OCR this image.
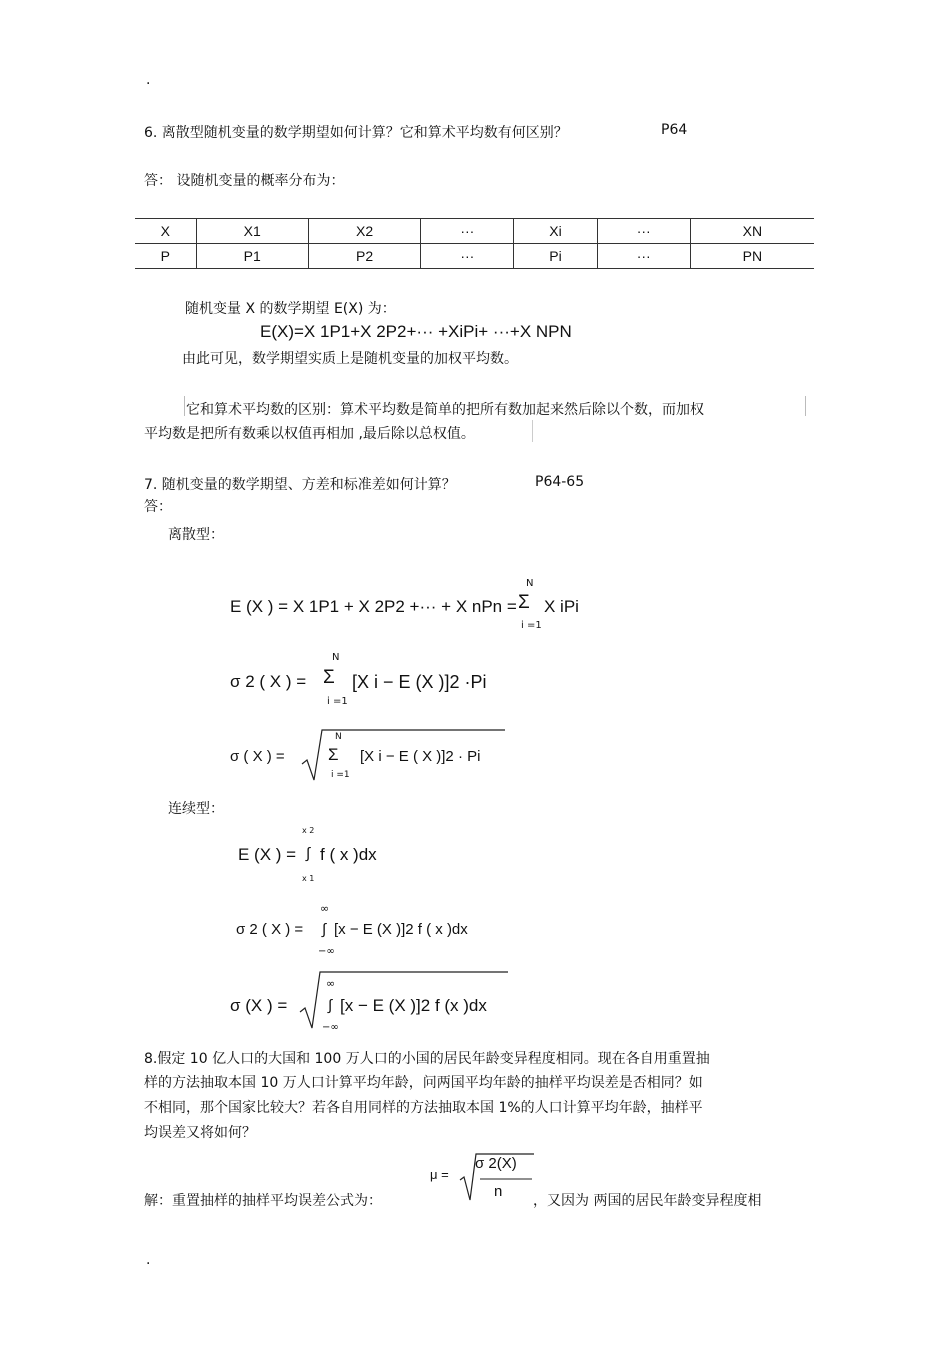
.
6. 离散型随机变量的数学期望如何计算？它和算术平均数有何区别？	P64
答： 设随机变量的概率分布为：
X	X1	X2	···	Xi	···	XN
P	P1	P2	···	Pi	···	PN
随机变量 X 的数学期望 E(X) 为：
E(X)=X 1P1+X 2P2+··· +XiPi+ ···+X NPN
由此可见，数学期望实质上是随机变量的加权平均数。
它和算术平均数的区别：算术平均数是简单的把所有数加起来然后除以个数，而加权
平均数是把所有数乘以权值再相加 ,最后除以总权值。
7. 随机变量的数学期望、方差和标准差如何计算？	P64-65
答：
离散型：
E (X ) = X 1P1 + X 2P2 +··· + X nPn =
N
Σ
i =1
X iPi
σ 2 ( X ) =
N
Σ
i =1
[X i − E (X )]2 ·Pi
σ ( X ) =
N
Σ
i =1
[X i − E ( X )]2 · Pi
连续型：
E (X ) =
x 2
∫
x 1
f ( x )dx
σ 2 ( X ) =
∞
∫
−∞
[x − E (X )]2 f ( x )dx
σ (X ) =
∞
∫
−∞
[x − E (X )]2 f (x )dx
8.假定 10 亿人口的大国和 100 万人口的小国的居民年龄变异程度相同。现在各自用重置抽
样的方法抽取本国 10 万人口计算平均年龄，问两国平均年龄的抽样平均误差是否相同？如
不相同，那个国家比较大？若各自用同样的方法抽取本国 1%的人口计算平均年龄，抽样平
均误差又将如何？
μ =
σ 2(X)
n
解：重置抽样的抽样平均误差公式为：	，又因为 两国的居民年龄变异程度相
.
